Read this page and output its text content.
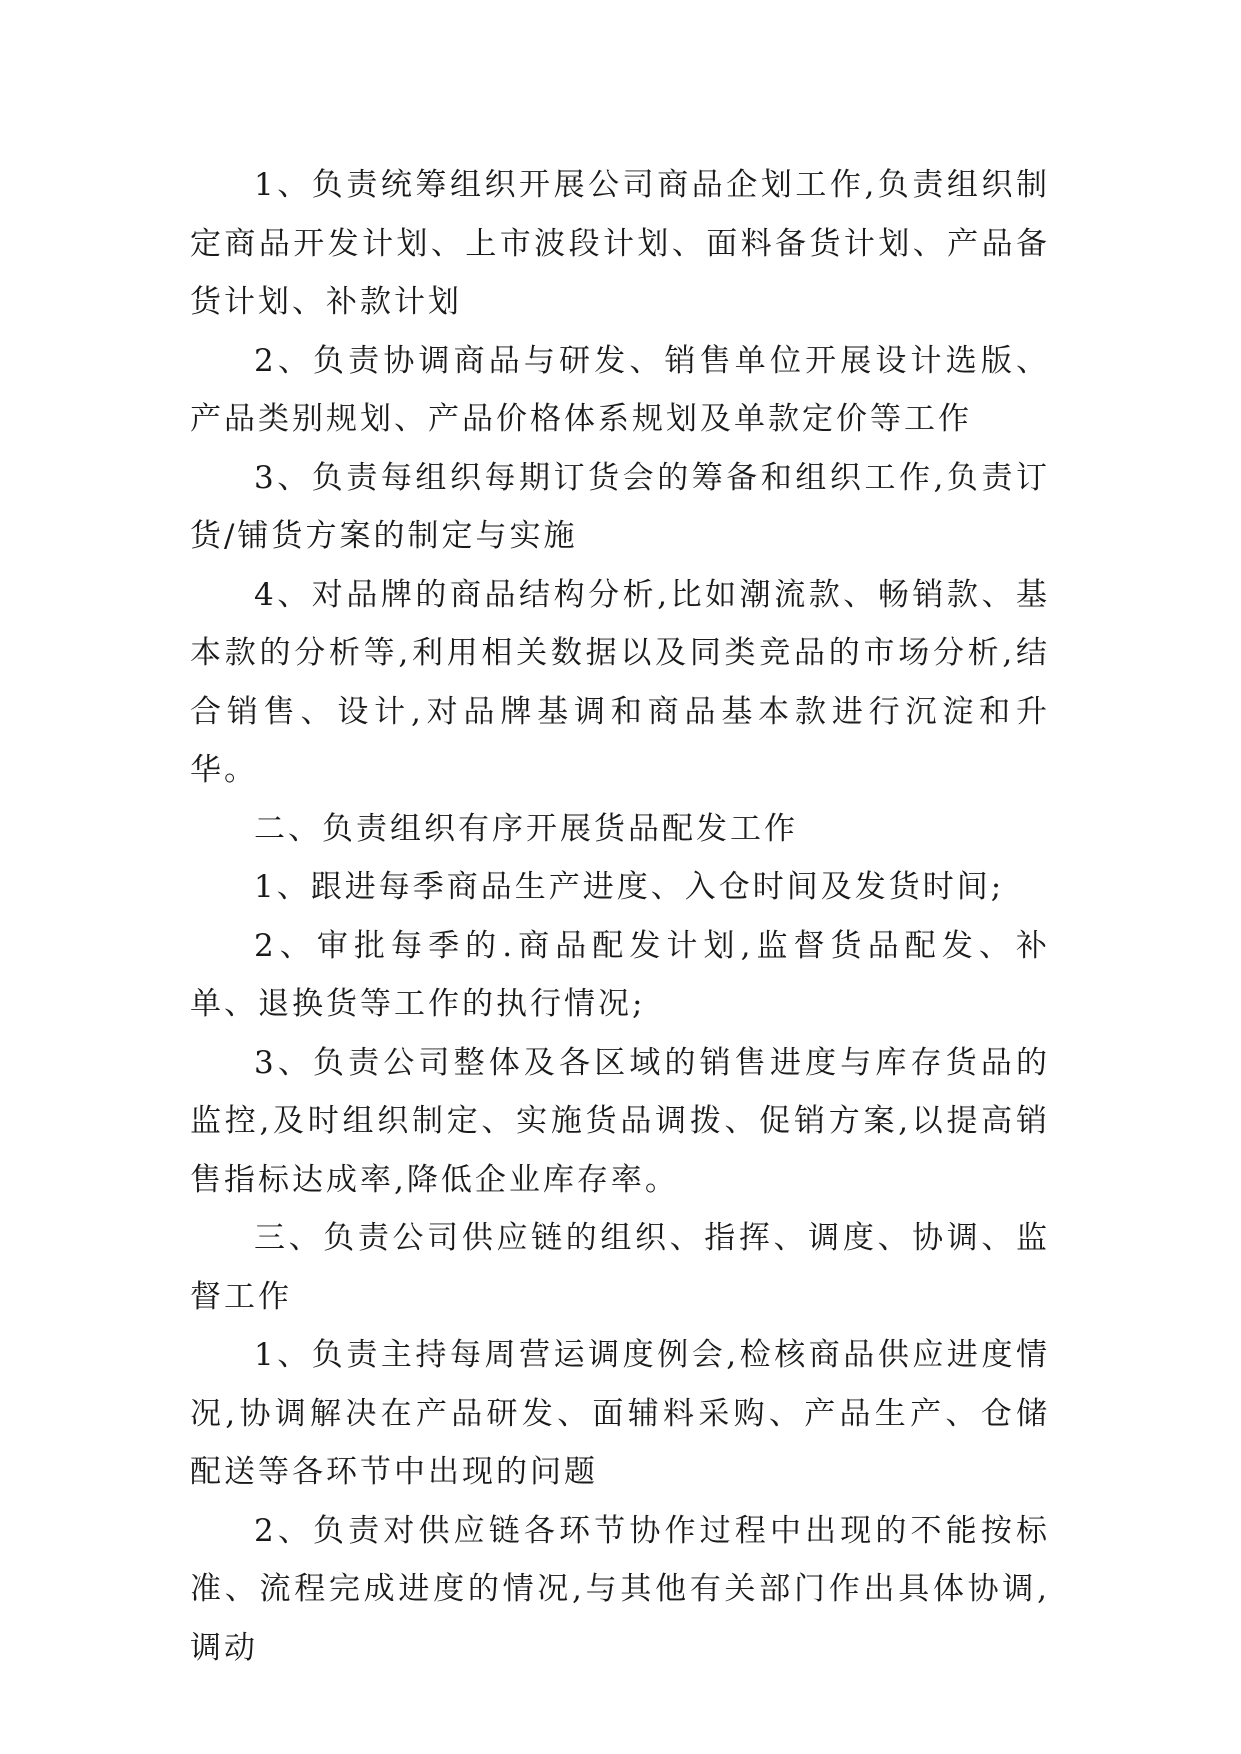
1、负责统筹组织开展公司商品企划工作,负责组织制定商品开发计划、上市波段计划、面料备货计划、产品备货计划、补款计划

2、负责协调商品与研发、销售单位开展设计选版、产品类别规划、产品价格体系规划及单款定价等工作

3、负责每组织每期订货会的筹备和组织工作,负责订货/铺货方案的制定与实施

4、对品牌的商品结构分析,比如潮流款、畅销款、基本款的分析等,利用相关数据以及同类竞品的市场分析,结合销售、设计,对品牌基调和商品基本款进行沉淀和升华。

二、负责组织有序开展货品配发工作

1、跟进每季商品生产进度、入仓时间及发货时间;

2、审批每季的.商品配发计划,监督货品配发、补单、退换货等工作的执行情况;

3、负责公司整体及各区域的销售进度与库存货品的监控,及时组织制定、实施货品调拨、促销方案,以提高销售指标达成率,降低企业库存率。

三、负责公司供应链的组织、指挥、调度、协调、监督工作

1、负责主持每周营运调度例会,检核商品供应进度情况,协调解决在产品研发、面辅料采购、产品生产、仓储配送等各环节中出现的问题

2、负责对供应链各环节协作过程中出现的不能按标准、流程完成进度的情况,与其他有关部门作出具体协调,调动
